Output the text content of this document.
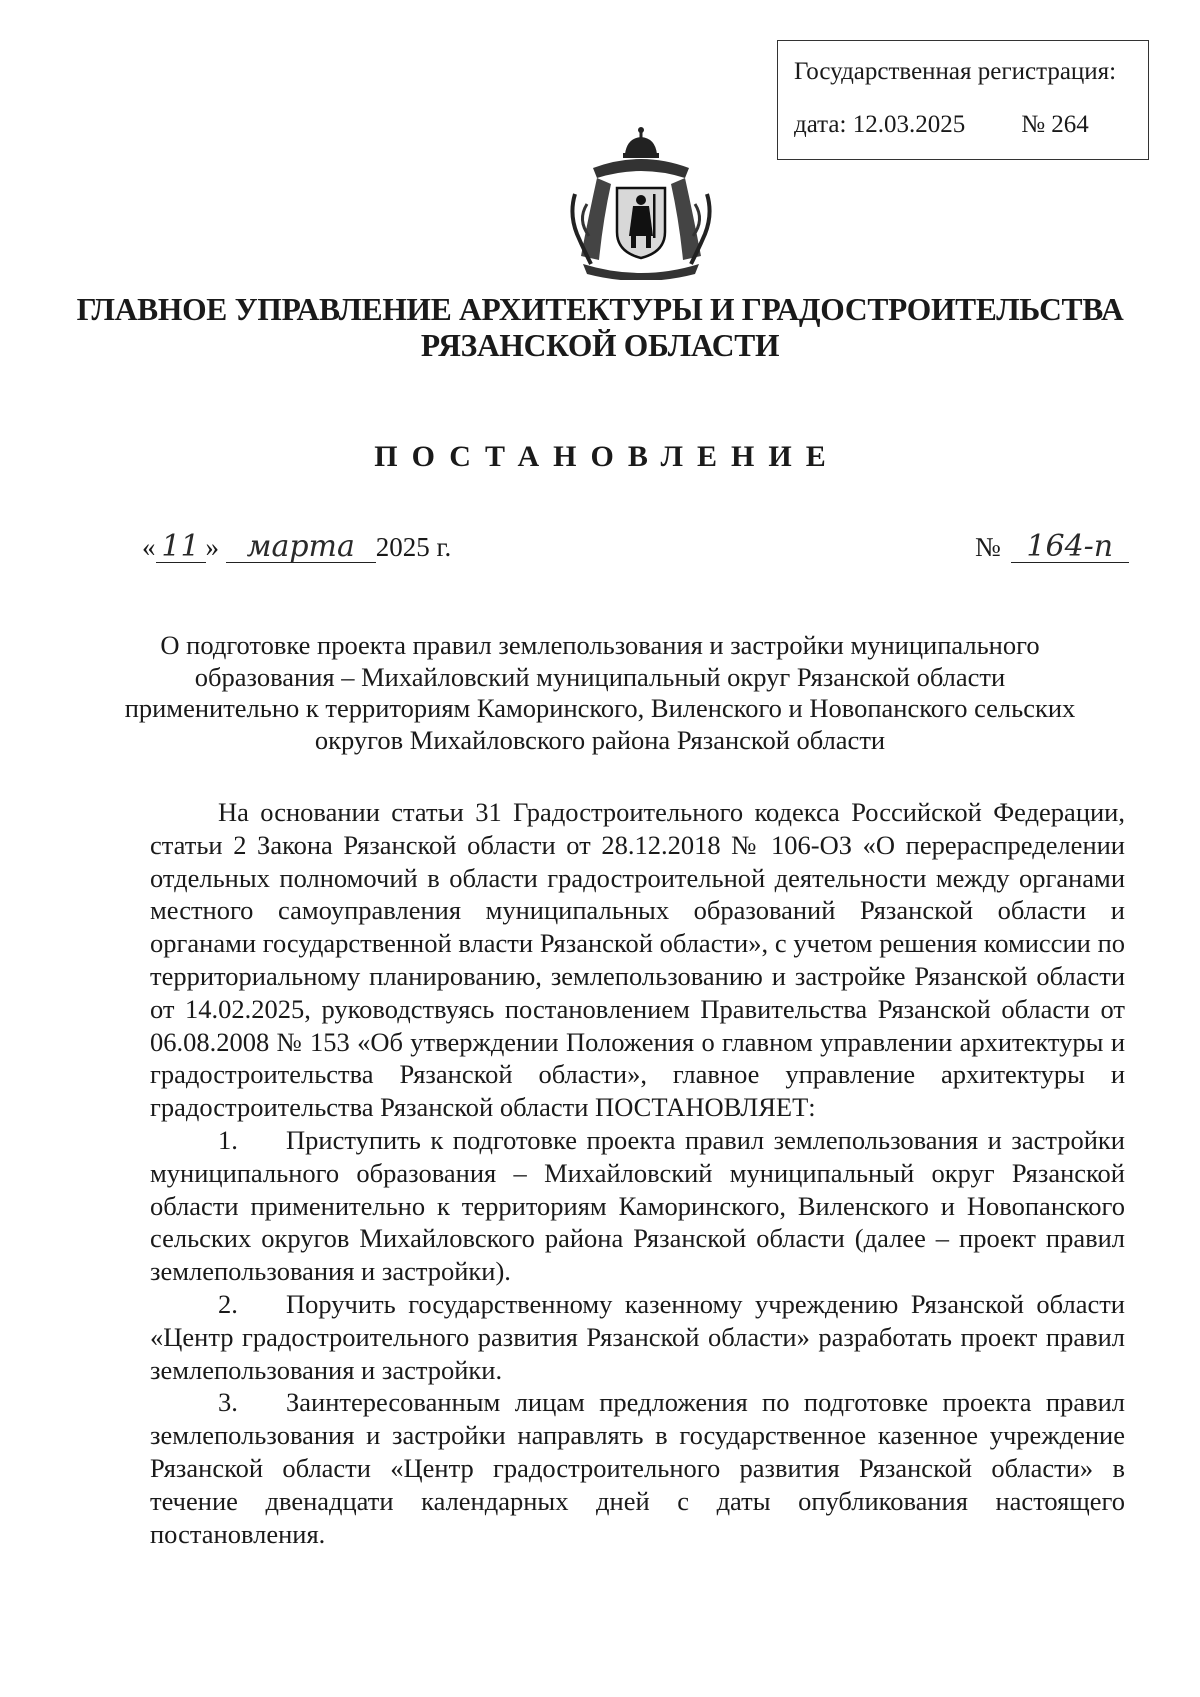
Государственная регистрация:
дата: 12.03.2025 № 264
ГЛАВНОЕ УПРАВЛЕНИЕ АРХИТЕКТУРЫ И ГРАДОСТРОИТЕЛЬСТВА
РЯЗАНСКОЙ ОБЛАСТИ
ПОСТАНОВЛЕНИЕ
« 11 » марта 2025 г.	№ 164-п
О подготовке проекта правил землепользования и застройки муниципального образования – Михайловский муниципальный округ Рязанской области применительно к территориям Каморинского, Виленского и Новопанского сельских округов Михайловского района Рязанской области

На основании статьи 31 Градостроительного кодекса Российской Федерации, статьи 2 Закона Рязанской области от 28.12.2018 № 106-ОЗ «О перераспределении отдельных полномочий в области градостроительной деятельности между органами местного самоуправления муниципальных образований Рязанской области и органами государственной власти Рязанской области», с учетом решения комиссии по территориальному планированию, землепользованию и застройке Рязанской области от 14.02.2025, руководствуясь постановлением Правительства Рязанской области от 06.08.2008 № 153 «Об утверждении Положения о главном управлении архитектуры и градостроительства Рязанской области», главное управление архитектуры и градостроительства Рязанской области ПОСТАНОВЛЯЕТ:

1. Приступить к подготовке проекта правил землепользования и застройки муниципального образования – Михайловский муниципальный округ Рязанской области применительно к территориям Каморинского, Виленского и Новопанского сельских округов Михайловского района Рязанской области (далее – проект правил землепользования и застройки).

2. Поручить государственному казенному учреждению Рязанской области «Центр градостроительного развития Рязанской области» разработать проект правил землепользования и застройки.

3. Заинтересованным лицам предложения по подготовке проекта правил землепользования и застройки направлять в государственное казенное учреждение Рязанской области «Центр градостроительного развития Рязанской области» в течение двенадцати календарных дней с даты опубликования настоящего постановления.
